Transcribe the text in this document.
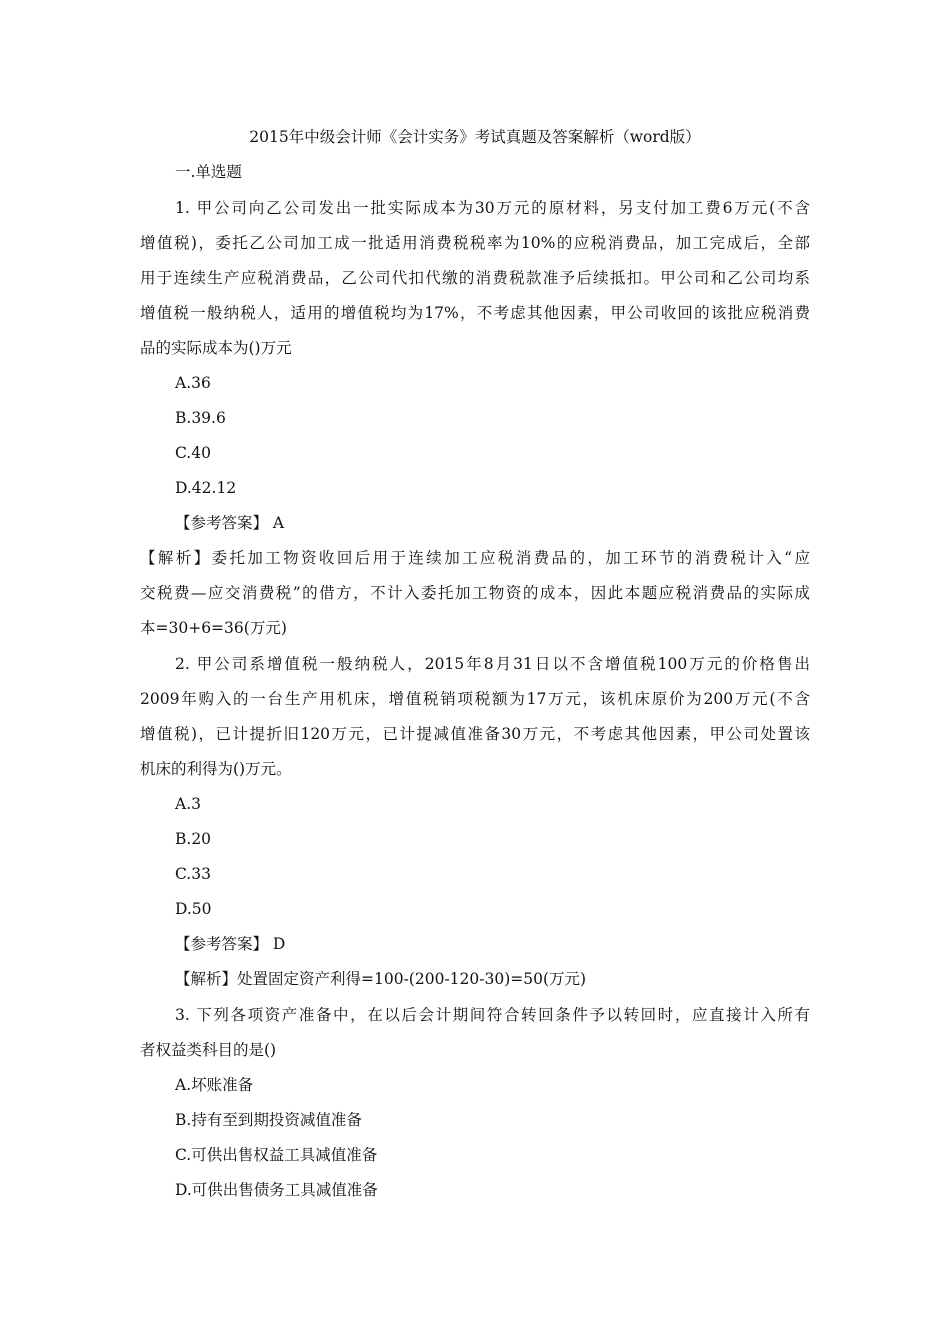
2015年中级会计师《会计实务》考试真题及答案解析（word版）
一.单选题
1. 甲公司向乙公司发出一批实际成本为30万元的原材料，另支付加工费6万元(不含
增值税)，委托乙公司加工成一批适用消费税税率为10%的应税消费品，加工完成后，全部
用于连续生产应税消费品，乙公司代扣代缴的消费税款准予后续抵扣。甲公司和乙公司均系
增值税一般纳税人，适用的增值税均为17%，不考虑其他因素，甲公司收回的该批应税消费
品的实际成本为()万元
A.36
B.39.6
C.40
D.42.12
【参考答案】 A
【解析】委托加工物资收回后用于连续加工应税消费品的，加工环节的消费税计入“应
交税费—应交消费税”的借方，不计入委托加工物资的成本，因此本题应税消费品的实际成
本=30+6=36(万元)
2. 甲公司系增值税一般纳税人，2015年8月31日以不含增值税100万元的价格售出
2009年购入的一台生产用机床，增值税销项税额为17万元，该机床原价为200万元(不含
增值税)，已计提折旧120万元，已计提减值准备30万元，不考虑其他因素，甲公司处置该
机床的利得为()万元。
A.3
B.20
C.33
D.50
【参考答案】 D
【解析】处置固定资产利得=100-(200-120-30)=50(万元)
3. 下列各项资产准备中，在以后会计期间符合转回条件予以转回时，应直接计入所有
者权益类科目的是()
A.坏账准备
B.持有至到期投资减值准备
C.可供出售权益工具减值准备
D.可供出售债务工具减值准备
